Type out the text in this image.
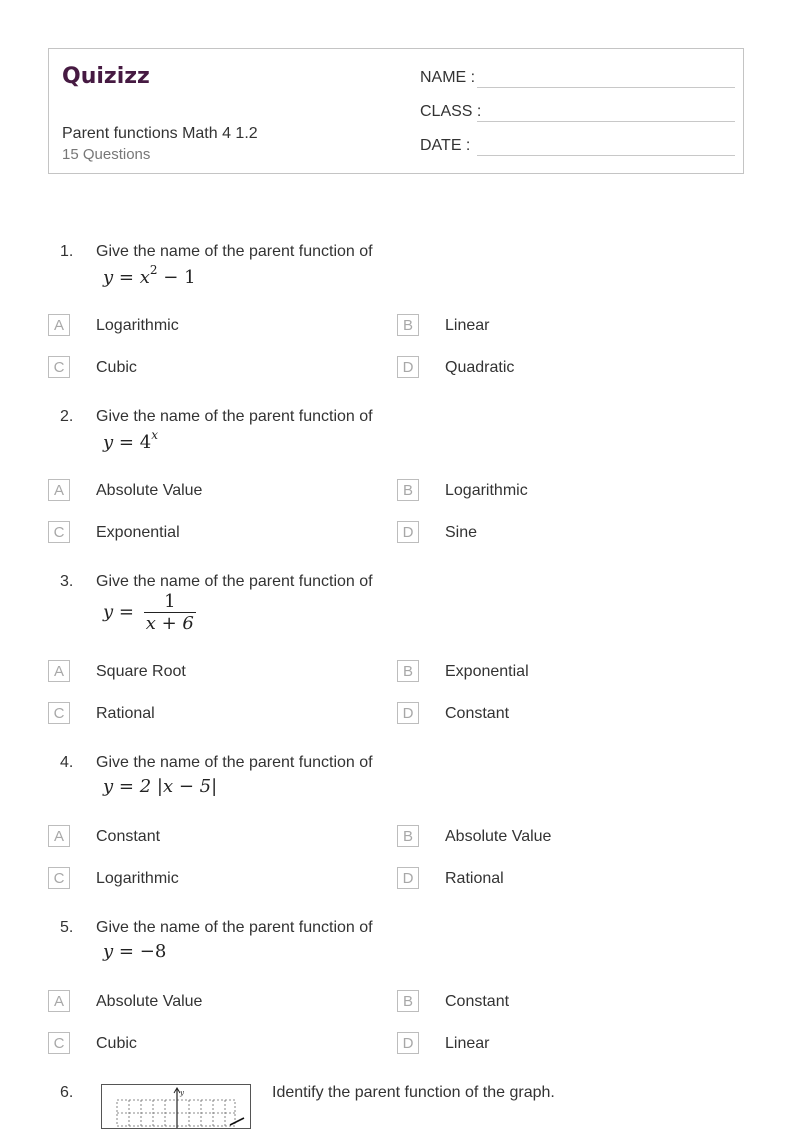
Quizizz
Parent functions Math 4 1.2
15 Questions
NAME :
CLASS :
DATE :
1. Give the name of the parent function of
$y = x^2 - 1$
A	Logarithmic	B	Linear
C	Cubic	D	Quadratic
2. Give the name of the parent function of
$y = 4^x$
A	Absolute Value	B	Logarithmic
C	Exponential	D	Sine
3. Give the name of the parent function of
$y = \frac{1}{x + 6}$
A	Square Root	B	Exponential
C	Rational	D	Constant
4. Give the name of the parent function of
y = 2 |x − 5|
A	Constant	B	Absolute Value
C	Logarithmic	D	Rational
5. Give the name of the parent function of
y = −8
A	Absolute Value	B	Constant
C	Cubic	D	Linear
6.	y	Identify the parent function of the graph.
